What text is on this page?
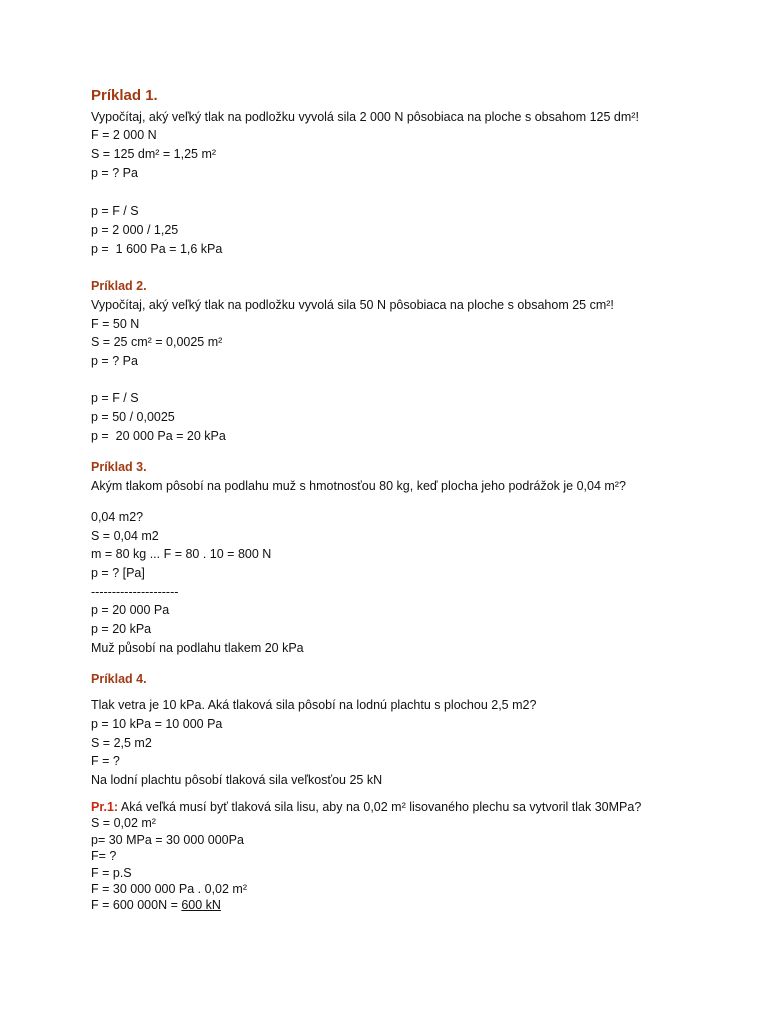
Príklad 1.
Vypočítaj, aký veľký tlak na podložku vyvolá sila 2 000 N pôsobiaca na ploche s obsahom 125 dm²!
F = 2 000 N
S = 125 dm² = 1,25 m²
p = ? Pa
p = F / S
p = 2 000 / 1,25
p =  1 600 Pa = 1,6 kPa
Príklad 2.
Vypočítaj, aký veľký tlak na podložku vyvolá sila 50 N pôsobiaca na ploche s obsahom 25 cm²!
F = 50 N
S = 25 cm² = 0,0025 m²
p = ? Pa
p = F / S
p = 50 / 0,0025
p =  20 000 Pa = 20 kPa
Príklad 3.
Akým tlakom pôsobí na podlahu muž s hmotnosťou 80 kg, keď plocha jeho podrážok je 0,04 m²?
0,04 m2?
S = 0,04 m2
m = 80 kg ... F = 80 . 10 = 800 N
p = ? [Pa]
---------------------
p = 20 000 Pa
p = 20 kPa
Muž působí na podlahu tlakem 20 kPa
Príklad 4.
Tlak vetra je 10 kPa. Aká tlaková sila pôsobí na lodnú plachtu s plochou 2,5 m2?
p = 10 kPa = 10 000 Pa
S = 2,5 m2
F = ?
Na lodní plachtu pôsobí tlaková sila veľkosťou 25 kN
Pr.1: Aká veľká musí byť tlaková sila lisu, aby na 0,02 m² lisovaného plechu sa vytvoril tlak 30MPa?
S = 0,02 m²
p= 30 MPa = 30 000 000Pa
F= ?
F = p.S
F = 30 000 000 Pa . 0,02 m²
F = 600 000N = 600 kN
